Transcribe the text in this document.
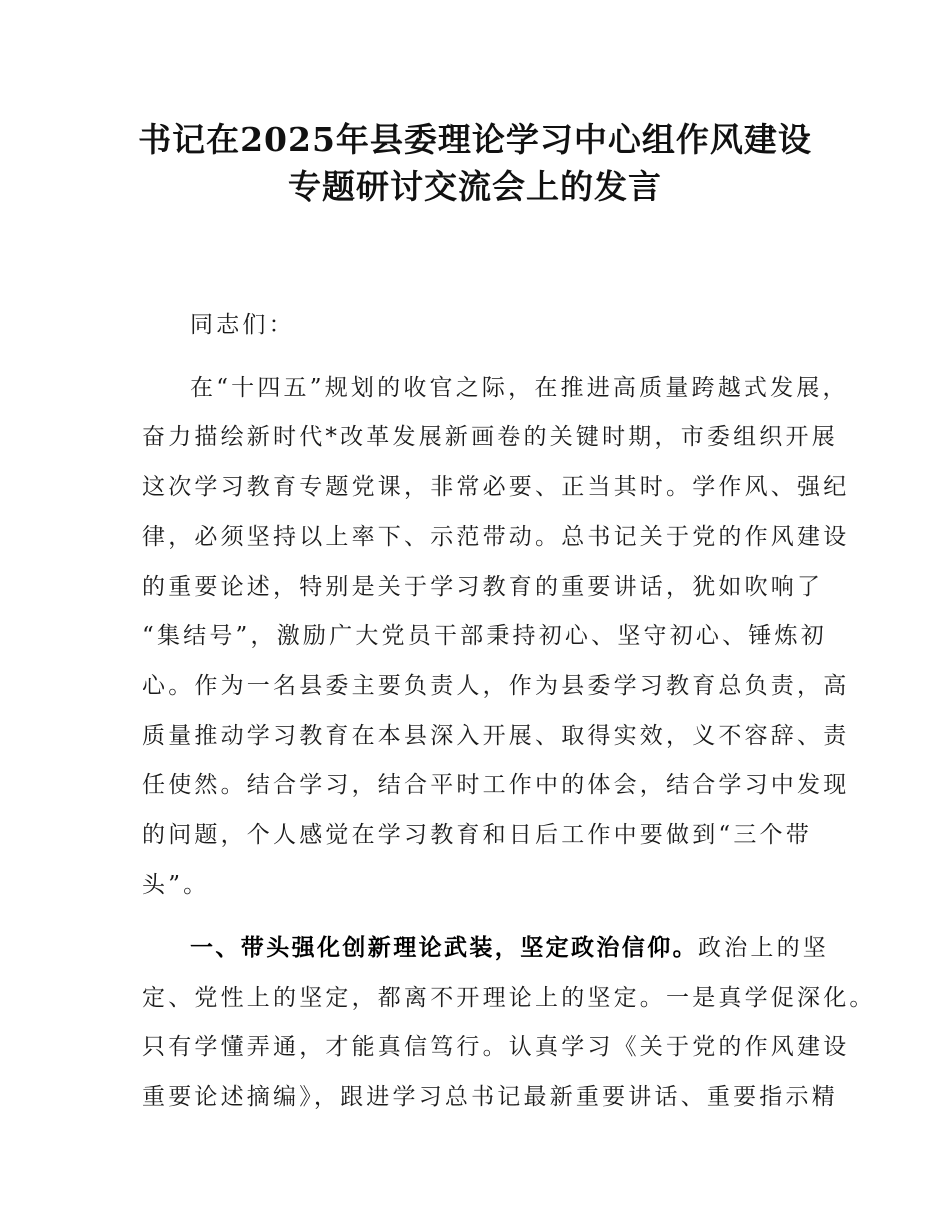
书记在2025年县委理论学习中心组作风建设
专题研讨交流会上的发言
同志们：
在“十四五”规划的收官之际，在推进高质量跨越式发展，
奋力描绘新时代*改革发展新画卷的关键时期，市委组织开展
这次学习教育专题党课，非常必要、正当其时。学作风、强纪
律，必须坚持以上率下、示范带动。总书记关于党的作风建设
的重要论述，特别是关于学习教育的重要讲话，犹如吹响了
“集结号”，激励广大党员干部秉持初心、坚守初心、锤炼初
心。作为一名县委主要负责人，作为县委学习教育总负责，高
质量推动学习教育在本县深入开展、取得实效，义不容辞、责
任使然。结合学习，结合平时工作中的体会，结合学习中发现
的问题，个人感觉在学习教育和日后工作中要做到“三个带
头”。
一、带头强化创新理论武装，坚定政治信仰。政治上的坚
定、党性上的坚定，都离不开理论上的坚定。一是真学促深化。
只有学懂弄通，才能真信笃行。认真学习《关于党的作风建设
重要论述摘编》，跟进学习总书记最新重要讲话、重要指示精
